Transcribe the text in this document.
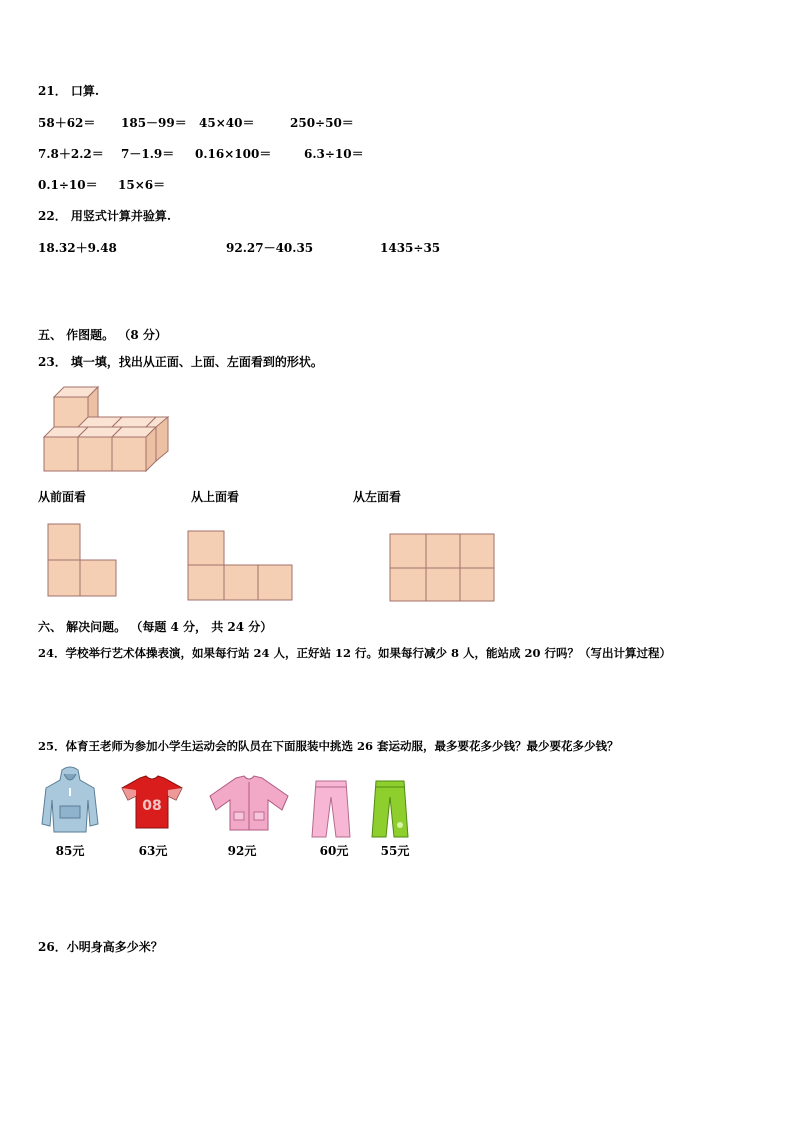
21． 口算.
58＋62＝ 185－99＝ 45×40＝	250÷50＝
7.8＋2.2＝ 7－1.9＝ 0.16×100＝	6.3÷10＝
0.1÷10＝ 15×6＝
22． 用竖式计算并验算.
18.32＋9.48	92.27－40.35	1435÷35
五、 作图题。 （8 分）
23． 填一填，找出从正面、上面、左面看到的形状。
从前面看	从上面看	从左面看
六、 解决问题。 （每题 4 分， 共 24 分）
24．学校举行艺术体操表演，如果每行站 24 人，正好站 12 行。如果每行减少 8 人，能站成 20 行吗？（写出计算过程）
25．体育王老师为参加小学生运动会的队员在下面服装中挑选 26 套运动服，最多要花多少钱？最少要花多少钱？
08
85元	63元	92元	60元	55元
26．小明身高多少米？
